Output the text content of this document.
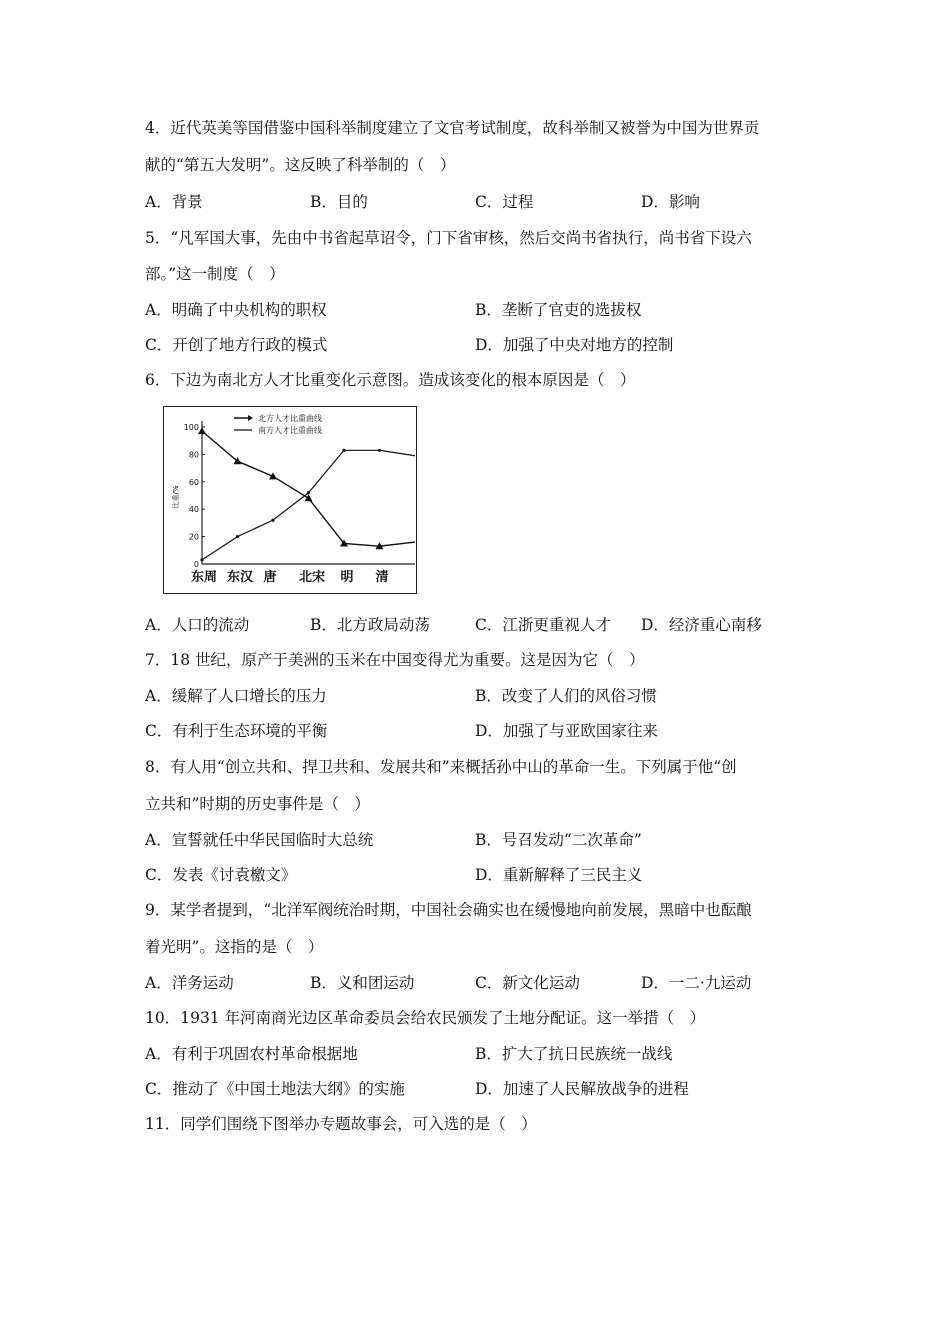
4．近代英美等国借鉴中国科举制度建立了文官考试制度，故科举制又被誉为中国为世界贡
献的“第五大发明”。这反映了科举制的（　）
A．背景	B．目的	C．过程	D．影响
5．“凡军国大事，先由中书省起草诏令，门下省审核，然后交尚书省执行，尚书省下设六
部。”这一制度（　）
A．明确了中央机构的职权	B．垄断了官吏的选拔权
C．开创了地方行政的模式	D．加强了中央对地方的控制
6．下边为南北方人才比重变化示意图。造成该变化的根本原因是（　）
0
20
40
60
80
100
比重/%
东周 东汉 唐 北宋 明 清
北方人才比重曲线
南方人才比重曲线
A．人口的流动	B．北方政局动荡	C．江浙更重视人才 D．经济重心南移
7．18 世纪，原产于美洲的玉米在中国变得尤为重要。这是因为它（　）
A．缓解了人口增长的压力	B．改变了人们的风俗习惯
C．有利于生态环境的平衡	D．加强了与亚欧国家往来
8．有人用“创立共和、捍卫共和、发展共和”来概括孙中山的革命一生。下列属于他“创
立共和”时期的历史事件是（　）
A．宣誓就任中华民国临时大总统	B．号召发动“二次革命”
C．发表《讨袁檄文》	D．重新解释了三民主义
9．某学者提到，“北洋军阀统治时期，中国社会确实也在缓慢地向前发展，黑暗中也酝酿
着光明”。这指的是（　）
A．洋务运动	B．义和团运动	C．新文化运动	D．一二·九运动
10．1931 年河南商光边区革命委员会给农民颁发了土地分配证。这一举措（　）
A．有利于巩固农村革命根据地	B．扩大了抗日民族统一战线
C．推动了《中国土地法大纲》的实施	D．加速了人民解放战争的进程
11．同学们围绕下图举办专题故事会，可入选的是（　）
